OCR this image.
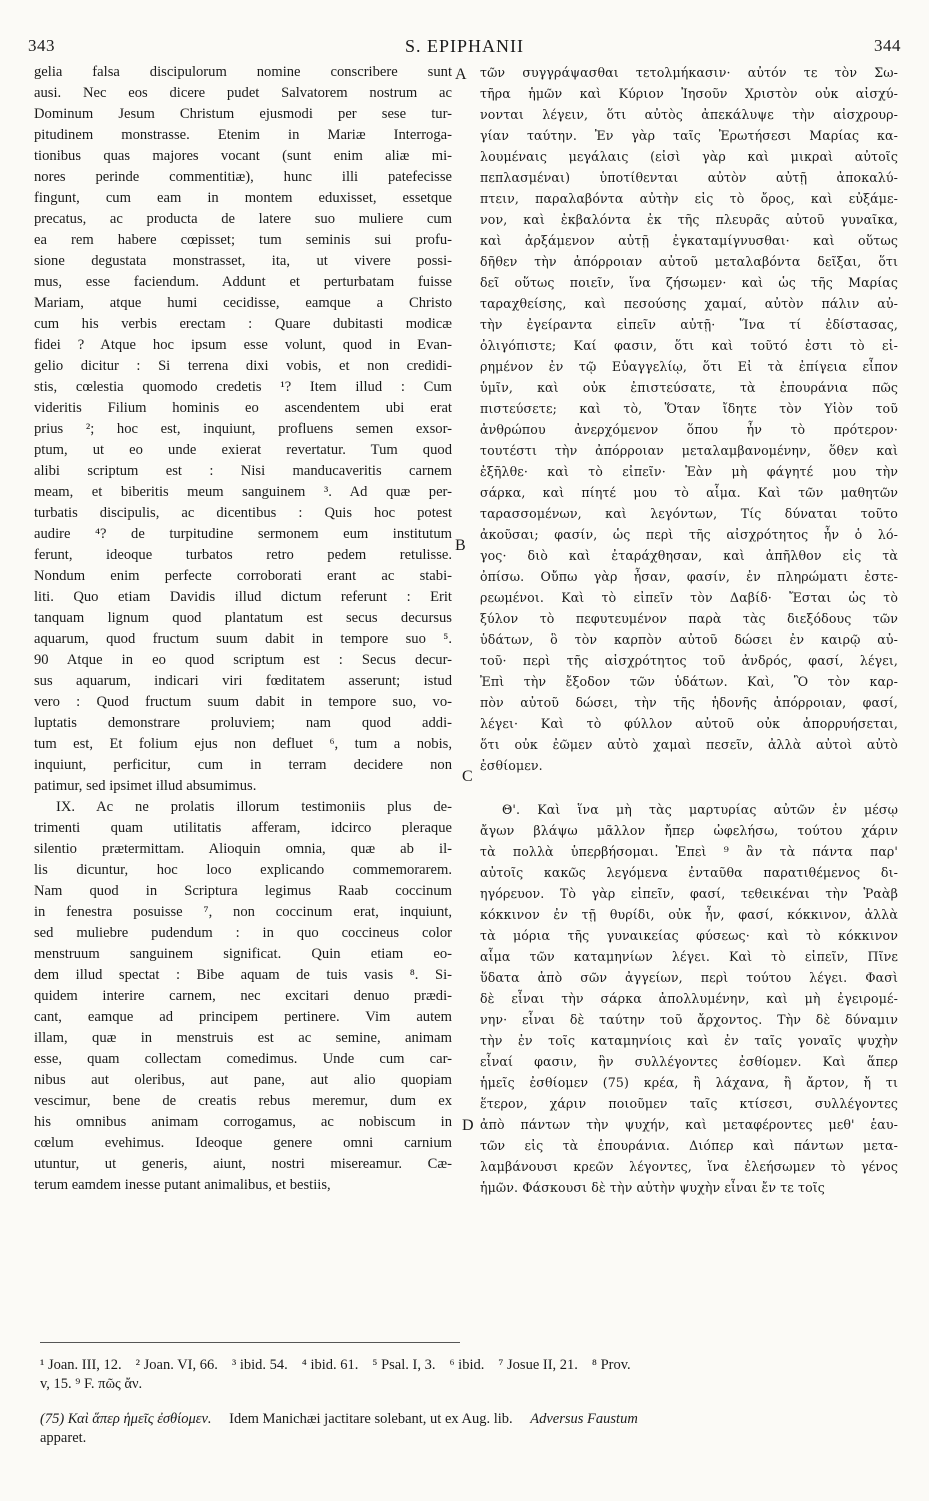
343	S. EPIPHANII	344
gelia falsa discipulorum nomine conscribere sunt
ausi. Nec eos dicere pudet Salvatorem nostrum ac
Dominum Jesum Christum ejusmodi per sese tur-
pitudinem monstrasse. Etenim in Mariæ Interroga-
tionibus quas majores vocant (sunt enim aliæ mi-
nores perinde commentitiæ), hunc illi patefecisse
fingunt, cum eam in montem eduxisset, essetque
precatus, ac producta de latere suo muliere cum
ea rem habere cœpisset; tum seminis sui profu-
sione degustata monstrasset, ita, ut vivere possi-
mus, esse faciendum. Addunt et perturbatam fuisse
Mariam, atque humi cecidisse, eamque a Christo
cum his verbis erectam : Quare dubitasti modicæ
fidei ? Atque hoc ipsum esse volunt, quod in Evan-
gelio dicitur : Si terrena dixi vobis, et non credidi-
stis, cœlestia quomodo credetis ¹? Item illud : Cum
videritis Filium hominis eo ascendentem ubi erat
prius ²; hoc est, inquiunt, profluens semen exsor-
ptum, ut eo unde exierat revertatur. Tum quod
alibi scriptum est : Nisi manducaveritis carnem
meam, et biberitis meum sanguinem ³. Ad quæ per-
turbatis discipulis, ac dicentibus : Quis hoc potest
audire ⁴? de turpitudine sermonem eum institutum
ferunt, ideoque turbatos retro pedem retulisse.
Nondum enim perfecte corroborati erant ac stabi-
liti. Quo etiam Davidis illud dictum referunt : Erit
tanquam lignum quod plantatum est secus decursus
aquarum, quod fructum suum dabit in tempore suo ⁵.
90 Atque in eo quod scriptum est : Secus decur-
sus aquarum, indicari viri fœditatem asserunt; istud
vero : Quod fructum suum dabit in tempore suo, vo-
luptatis demonstrare proluviem; nam quod addi-
tum est, Et folium ejus non defluet ⁶, tum a nobis,
inquiunt, perficitur, cum in terram decidere non
patimur, sed ipsimet illud absumimus.
IX. Ac ne prolatis illorum testimoniis plus de-
trimenti quam utilitatis afferam, idcirco pleraque
silentio prætermittam. Alioquin omnia, quæ ab il-
lis dicuntur, hoc loco explicando commemorarem.
Nam quod in Scriptura legimus Raab coccinum
in fenestra posuisse ⁷, non coccinum erat, inquiunt,
sed muliebre pudendum : in quo coccineus color
menstruum sanguinem significat. Quin etiam eo-
dem illud spectat : Bibe aquam de tuis vasis ⁸. Si-
quidem interire carnem, nec excitari denuo prædi-
cant, eamque ad principem pertinere. Vim autem
illam, quæ in menstruis est ac semine, animam
esse, quam collectam comedimus. Unde cum car-
nibus aut oleribus, aut pane, aut alio quopiam
vescimur, bene de creatis rebus meremur, dum ex
his omnibus animam corrogamus, ac nobiscum in
cœlum evehimus. Ideoque genere omni carnium
utuntur, ut generis, aiunt, nostri misereamur. Cæ-
terum eamdem inesse putant animalibus, et bestiis,
τῶν συγγράψασθαι τετολμήκασιν· αὐτόν τε τὸν Σω-
τῆρα ἡμῶν καὶ Κύριον Ἰησοῦν Χριστὸν οὐκ αἰσχύ-
νονται λέγειν, ὅτι αὐτὸς ἀπεκάλυψε τὴν αἰσχρουρ-
γίαν ταύτην. Ἐν γὰρ ταῖς Ἐρωτήσεσι Μαρίας κα-
λουμέναις μεγάλαις (εἰσὶ γὰρ καὶ μικραὶ αὐτοῖς
πεπλασμέναι) ὑποτίθενται αὐτὸν αὐτῇ ἀποκαλύ-
πτειν, παραλαβόντα αὐτὴν εἰς τὸ ὄρος, καὶ εὐξάμε-
νον, καὶ ἐκβαλόντα ἐκ τῆς πλευρᾶς αὐτοῦ γυναῖκα,
καὶ ἀρξάμενον αὐτῇ ἐγκαταμίγνυσθαι· καὶ οὕτως
δῆθεν τὴν ἀπόρροιαν αὐτοῦ μεταλαβόντα δεῖξαι, ὅτι
δεῖ οὕτως ποιεῖν, ἵνα ζήσωμεν· καὶ ὡς τῆς Μαρίας
ταραχθείσης, καὶ πεσούσης χαμαί, αὐτὸν πάλιν αὐ-
τὴν ἐγείραντα εἰπεῖν αὐτῇ· Ἵνα τί ἐδίστασας,
ὀλιγόπιστε; Καί φασιν, ὅτι καὶ τοῦτό ἐστι τὸ εἰ-
ρημένον ἐν τῷ Εὐαγγελίῳ, ὅτι Εἰ τὰ ἐπίγεια εἶπον
ὑμῖν, καὶ οὐκ ἐπιστεύσατε, τὰ ἐπουράνια πῶς
πιστεύσετε; καὶ τὸ, Ὅταν ἴδητε τὸν Υἱὸν τοῦ
ἀνθρώπου ἀνερχόμενον ὅπου ἦν τὸ πρότερον·
τουτέστι τὴν ἀπόρροιαν μεταλαμβανομένην, ὅθεν καὶ
ἐξῆλθε· καὶ τὸ εἰπεῖν· Ἐὰν μὴ φάγητέ μου τὴν
σάρκα, καὶ πίητέ μου τὸ αἷμα. Καὶ τῶν μαθητῶν
ταρασσομένων, καὶ λεγόντων, Τίς δύναται τοῦτο
ἀκοῦσαι; φασίν, ὡς περὶ τῆς αἰσχρότητος ἦν ὁ λό-
γος· διὸ καὶ ἐταράχθησαν, καὶ ἀπῆλθον εἰς τὰ
ὀπίσω. Οὔπω γὰρ ἦσαν, φασίν, ἐν πληρώματι ἐστε-
ρεωμένοι. Καὶ τὸ εἰπεῖν τὸν Δαβίδ· Ἔσται ὡς τὸ
ξύλον τὸ πεφυτευμένον παρὰ τὰς διεξόδους τῶν
ὑδάτων, ὃ τὸν καρπὸν αὐτοῦ δώσει ἐν καιρῷ αὐ-
τοῦ· περὶ τῆς αἰσχρότητος τοῦ ἀνδρός, φασί, λέγει,
Ἐπὶ τὴν ἔξοδον τῶν ὑδάτων. Καὶ, Ὃ τὸν καρ-
πὸν αὐτοῦ δώσει, τὴν τῆς ἡδονῆς ἀπόρροιαν, φασί,
λέγει· Καὶ τὸ φύλλον αὐτοῦ οὐκ ἀπορρυήσεται,
ὅτι οὐκ ἐῶμεν αὐτὸ χαμαὶ πεσεῖν, ἀλλὰ αὐτοὶ αὐτὸ
ἐσθίομεν.
Θ'. Καὶ ἵνα μὴ τὰς μαρτυρίας αὐτῶν ἐν μέσῳ
ἄγων βλάψω μᾶλλον ἤπερ ὠφελήσω, τούτου χάριν
τὰ πολλὰ ὑπερβήσομαι. Ἐπεὶ ⁹ ἂν τὰ πάντα παρ'
αὐτοῖς κακῶς λεγόμενα ἐνταῦθα παρατιθέμενος δι-
ηγόρευον. Τὸ γὰρ εἰπεῖν, φασί, τεθεικέναι τὴν Ῥαὰβ
κόκκινον ἐν τῇ θυρίδι, οὐκ ἦν, φασί, κόκκινον, ἀλλὰ
τὰ μόρια τῆς γυναικείας φύσεως· καὶ τὸ κόκκινον
αἷμα τῶν καταμηνίων λέγει. Καὶ τὸ εἰπεῖν, Πῖνε
ὕδατα ἀπὸ σῶν ἀγγείων, περὶ τούτου λέγει. Φασὶ
δὲ εἶναι τὴν σάρκα ἀπολλυμένην, καὶ μὴ ἐγειρομέ-
νην· εἶναι δὲ ταύτην τοῦ ἄρχοντος. Τὴν δὲ δύναμιν
τὴν ἐν τοῖς καταμηνίοις καὶ ἐν ταῖς γοναῖς ψυχὴν
εἶναί φασιν, ἣν συλλέγοντες ἐσθίομεν. Καὶ ἅπερ
ἡμεῖς ἐσθίομεν (75) κρέα, ἢ λάχανα, ἢ ἄρτον, ἤ τι
ἕτερον, χάριν ποιοῦμεν ταῖς κτίσεσι, συλλέγοντες
ἀπὸ πάντων τὴν ψυχήν, καὶ μεταφέροντες μεθ' ἑαυ-
τῶν εἰς τὰ ἐπουράνια. Διόπερ καὶ πάντων μετα-
λαμβάνουσι κρεῶν λέγοντες, ἵνα ἐλεήσωμεν τὸ γένος
ἡμῶν. Φάσκουσι δὲ τὴν αὐτὴν ψυχὴν εἶναι ἔν τε τοῖς
A
B
C
D
¹ Joan. III, 12. ² Joan. VI, 66. ³ ibid. 54. ⁴ ibid. 61. ⁵ Psal. I, 3. ⁶ ibid. ⁷ Josue II, 21. ⁸ Prov.
v, 15. ⁹ F. πῶς ἄν.
(75) Καὶ ἅπερ ἡμεῖς ἐσθίομεν. Idem Manichæi jactitare solebant, ut ex Aug. lib. Adversus Faustum
apparet.
